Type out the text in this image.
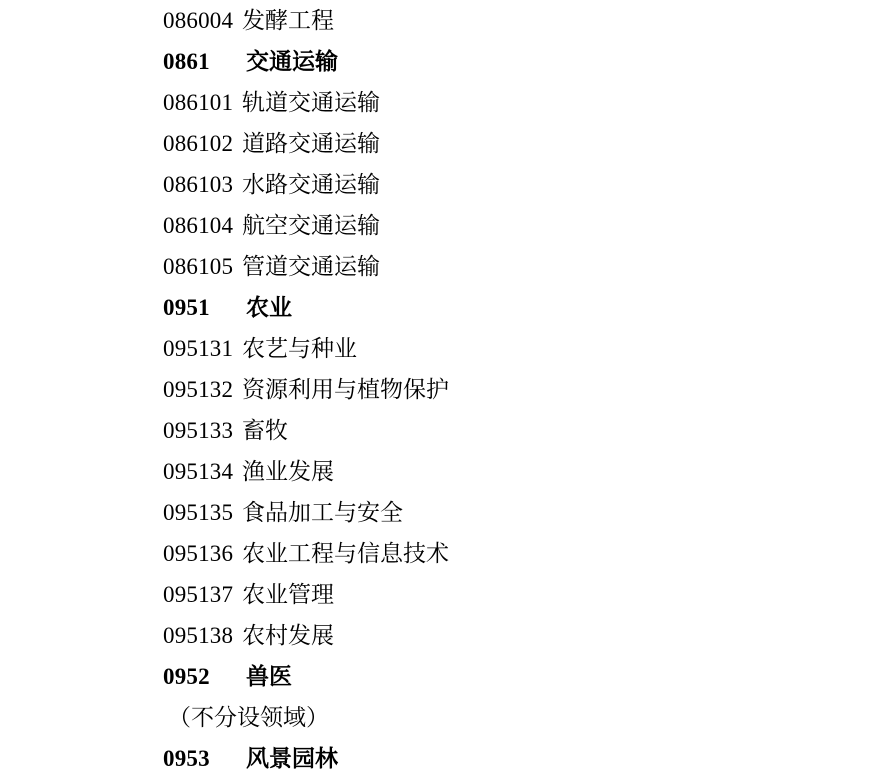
086004 发酵工程
0861	交通运输
086101 轨道交通运输
086102 道路交通运输
086103 水路交通运输
086104 航空交通运输
086105 管道交通运输
0951	农业
095131 农艺与种业
095132 资源利用与植物保护
095133 畜牧
095134 渔业发展
095135 食品加工与安全
095136 农业工程与信息技术
095137 农业管理
095138 农村发展
0952	兽医
（不分设领域）
0953	风景园林
